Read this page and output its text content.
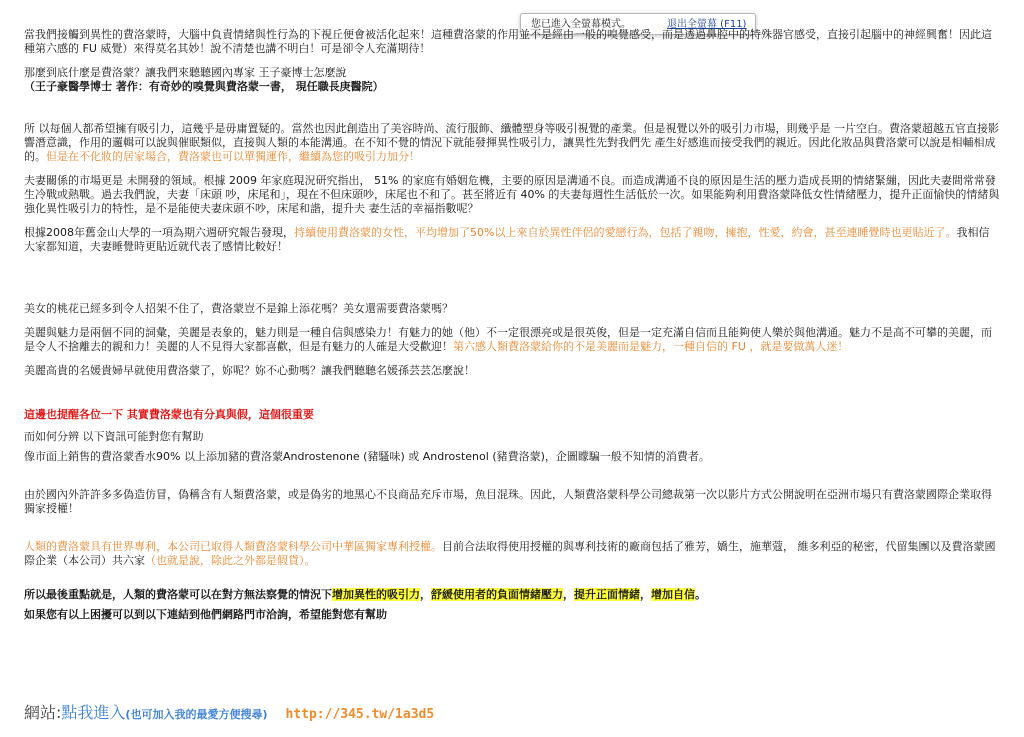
您已進入全螢幕模式。	退出全螢幕 (F11)

當我們接觸到異性的費洛蒙時，大腦中負責情緒與性行為的下視丘便會被活化起來！這種費洛蒙的作用並不是經由一般的嗅覺感受，而是透過鼻腔中的特殊器官感受，直接引起腦中的神經興奮！因此這種第六感的 FU 威覺）來得莫名其妙！說不清楚也講不明白！可是卻令人充滿期待！

那麼到底什麼是費洛蒙？讓我們來聽聽國內專家 王子豪博士怎麼說

（王子豪醫學博士 著作：有奇妙的嗅覺與費洛蒙一書， 現任職長庚醫院）

所 以每個人都希望擁有吸引力，這幾乎是毋庸置疑的。當然也因此創造出了美容時尚、流行服飾、纖體塑身等吸引視覺的產業。但是視覺以外的吸引力市場，則幾乎是 一片空白。費洛蒙超越五官直接影響潛意識，作用的邏輯可以說與催眠類似，直接與人類的本能溝通。在不知不覺的情況下就能發揮異性吸引力，讓異性先對我們先 產生好感進而接受我們的親近。因此化妝品與費洛蒙可以說是相輔相成的。但是在不化妝的居家場合，費洛蒙也可以單獨運作，繼續為您的吸引力加分！

夫妻關係的市場更是 未開發的領域。根據 2009 年家庭現況研究指出， 51% 的家庭有婚姻危機，主要的原因是溝通不良。而造成溝通不良的原因是生活的壓力造成長期的情緒緊繃，因此夫妻間常常發生冷戰或熱戰。過去我們說，夫妻「床頭 吵，床尾和」，現在不但床頭吵，床尾也不和了。甚至將近有 40% 的夫妻每週性生活低於一次。如果能夠利用費洛蒙降低女性情緒壓力，提升正面愉快的情緒與強化異性吸引力的特性，是不是能使夫妻床頭不吵，床尾和諧，提升夫 妻生活的幸福指數呢？

根據2008年舊金山大學的一項為期六週研究報告發現，持續使用費洛蒙的女性，平均增加了50%以上來自於異性伴侶的愛戀行為，包括了親吻，擁抱，性愛，約會，甚至連睡覺時也更貼近了。我相信大家都知道，夫妻睡覺時更貼近就代表了感情比較好！

美女的桃花已經多到令人招架不住了，費洛蒙豈不是錦上添花嗎？美女還需要費洛蒙嗎？

美麗與魅力是兩個不同的詞彙，美麗是表象的，魅力則是一種自信與感染力！有魅力的她（他）不一定很漂亮或是很英俊，但是一定充滿自信而且能夠使人樂於與他溝通。魅力不是高不可攀的美麗，而是令人不捨離去的親和力！美麗的人不見得大家都喜歡，但是有魅力的人確是大受歡迎！第六感人類費洛蒙給你的不是美麗而是魅力，一種自信的 FU ，就是要做萬人迷！

美麗高貴的名媛貴婦早就使用費洛蒙了，妳呢？妳不心動嗎？讓我們聽聽名媛孫芸芸怎麼說！

這邊也提醒各位一下 其實費洛蒙也有分真與假，這個很重要

而如何分辨 以下資訊可能對您有幫助

像市面上銷售的費洛蒙香水90% 以上添加豬的費洛蒙Androstenone (豬騷味) 或 Androstenol (豬費洛蒙)，企圖矇騙一般不知情的消費者。

由於國內外許許多多偽造仿冒，偽稱含有人類費洛蒙，或是偽劣的地黑心不良商品充斥市場，魚目混珠。因此，人類費洛蒙科學公司總裁第一次以影片方式公開說明在亞洲市場只有費洛蒙國際企業取得獨家授權！

人類的費洛蒙具有世界專利，本公司已取得人類費洛蒙科學公司中華區獨家專利授權。目前合法取得使用授權的與專利技術的廠商包括了雅芳，嬌生，施華蔻， 維多利亞的秘密，代留集團以及費洛蒙國際企業（本公司）共六家（也就是說，除此之外都是假貨）。

所以最後重點就是，人類的費洛蒙可以在對方無法察覺的情況下增加異性的吸引力，舒緩使用者的負面情緒壓力，提升正面情緒，增加自信。

如果您有以上困擾可以到以下連結到他們網路門市洽詢，希望能對您有幫助

網站:點我進入(也可加入我的最愛方便搜尋) http://345.tw/1a3d5
